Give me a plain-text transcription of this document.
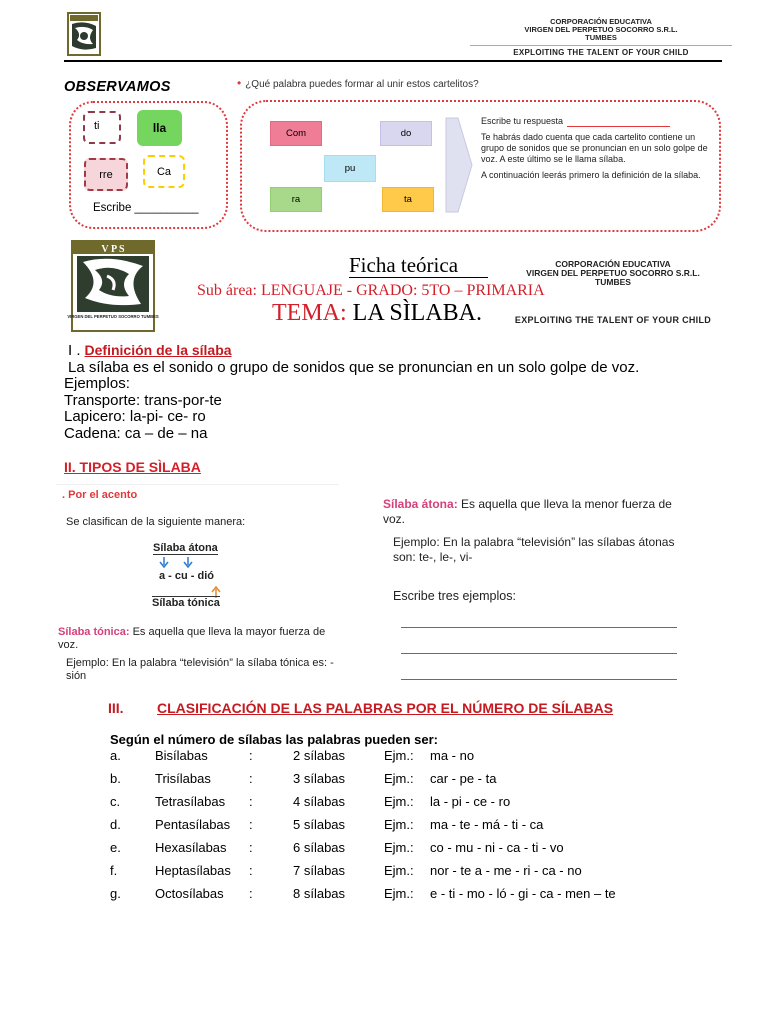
CORPORACIÓN EDUCATIVA
VIRGEN DEL PERPETUO SOCORRO S.R.L.
TUMBES
EXPLOITING THE TALENT OF YOUR CHILD
OBSERVAMOS	• ¿Qué palabra puedes formar al unir estos cartelitos?
ti	lla
rre	Ca
Escribe __________
Com	do
pu
ra	ta

Escribe tu respuesta

Te habrás dado cuenta que cada cartelito contiene un grupo de sonidos que se pronuncian en un solo golpe de voz. A este último se le llama sílaba.

A continuación leerás primero la definición de la sílaba.

V P S
VIRGEN DEL PERPETUO SOCORRO TUMBES
Ficha teórica
Sub área: LENGUAJE - GRADO: 5TO – PRIMARIA
TEMA: LA SÌLABA.
CORPORACIÓN EDUCATIVA
VIRGEN DEL PERPETUO SOCORRO S.R.L.
TUMBES
EXPLOITING THE TALENT OF YOUR CHILD
I . Definición de la sílaba
La sílaba es el sonido o grupo de sonidos que se pronuncian en un solo golpe de voz.
Ejemplos:
Transporte: trans-por-te
Lapicero: la-pi- ce- ro
Cadena: ca – de – na
II. TIPOS DE SÌLABA
. Por el acento
Se clasifican de la siguiente manera:
Sílaba átona
a - cu - dió
Sílaba tónica
Sílaba tónica: Es aquella que lleva la mayor fuerza de voz.
Ejemplo: En la palabra “televisión” la sílaba tónica es: -sión
Sílaba átona: Es aquella que lleva la menor fuerza de voz.
Ejemplo: En la palabra “televisión” las sílabas átonas son: te-, le-, vi-
Escribe tres ejemplos:
III. CLASIFICACIÓN DE LAS PALABRAS POR EL NÚMERO DE SÍLABAS
Según el número de sílabas las palabras pueden ser:
a.	Bisílabas	:	2 sílabas	Ejm.: ma - no
b.	Trisílabas	:	3 sílabas	Ejm.: car - pe - ta
c.	Tetrasílabas :	4 sílabas	Ejm.: la - pi - ce - ro
d.	Pentasílabas :	5 sílabas	Ejm.: ma - te - má - ti - ca
e.	Hexasílabas :	6 sílabas	Ejm.: co - mu - ni - ca - ti - vo
f.	Heptasílabas :	7 sílabas	Ejm.: nor - te a - me - ri - ca - no
g.	Octosílabas :	8 sílabas	Ejm.: e - ti - mo - ló - gi - ca - men – te
